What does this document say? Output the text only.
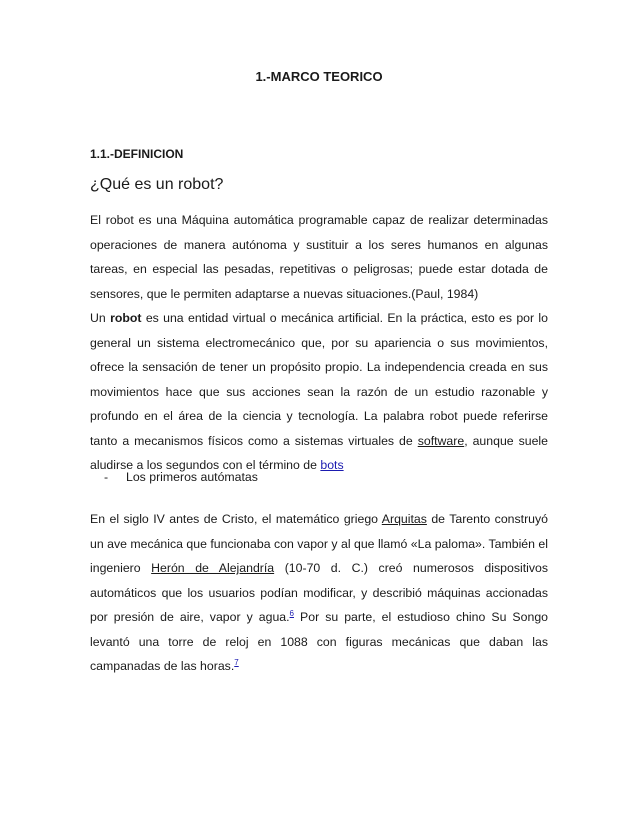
1.-MARCO TEORICO
1.1.-DEFINICION
¿Qué es un robot?
El robot es una Máquina automática programable capaz de realizar determinadas operaciones de manera autónoma y sustituir a los seres humanos en algunas tareas, en especial las pesadas, repetitivas o peligrosas; puede estar dotada de sensores, que le permiten adaptarse a nuevas situaciones.(Paul, 1984)
Un robot es una entidad virtual o mecánica artificial. En la práctica, esto es por lo general un sistema electromecánico que, por su apariencia o sus movimientos, ofrece la sensación de tener un propósito propio. La independencia creada en sus movimientos hace que sus acciones sean la razón de un estudio razonable y profundo en el área de la ciencia y tecnología. La palabra robot puede referirse tanto a mecanismos físicos como a sistemas virtuales de software, aunque suele aludirse a los segundos con el término de bots
- Los primeros autómatas
En el siglo IV antes de Cristo, el matemático griego Arquitas de Tarento construyó un ave mecánica que funcionaba con vapor y al que llamó «La paloma». También el ingeniero Herón de Alejandría (10-70 d. C.) creó numerosos dispositivos automáticos que los usuarios podían modificar, y describió máquinas accionadas por presión de aire, vapor y agua.$^6$ Por su parte, el estudioso chino Su Songo levantó una torre de reloj en 1088 con figuras mecánicas que daban las campanadas de las horas.$^7$
